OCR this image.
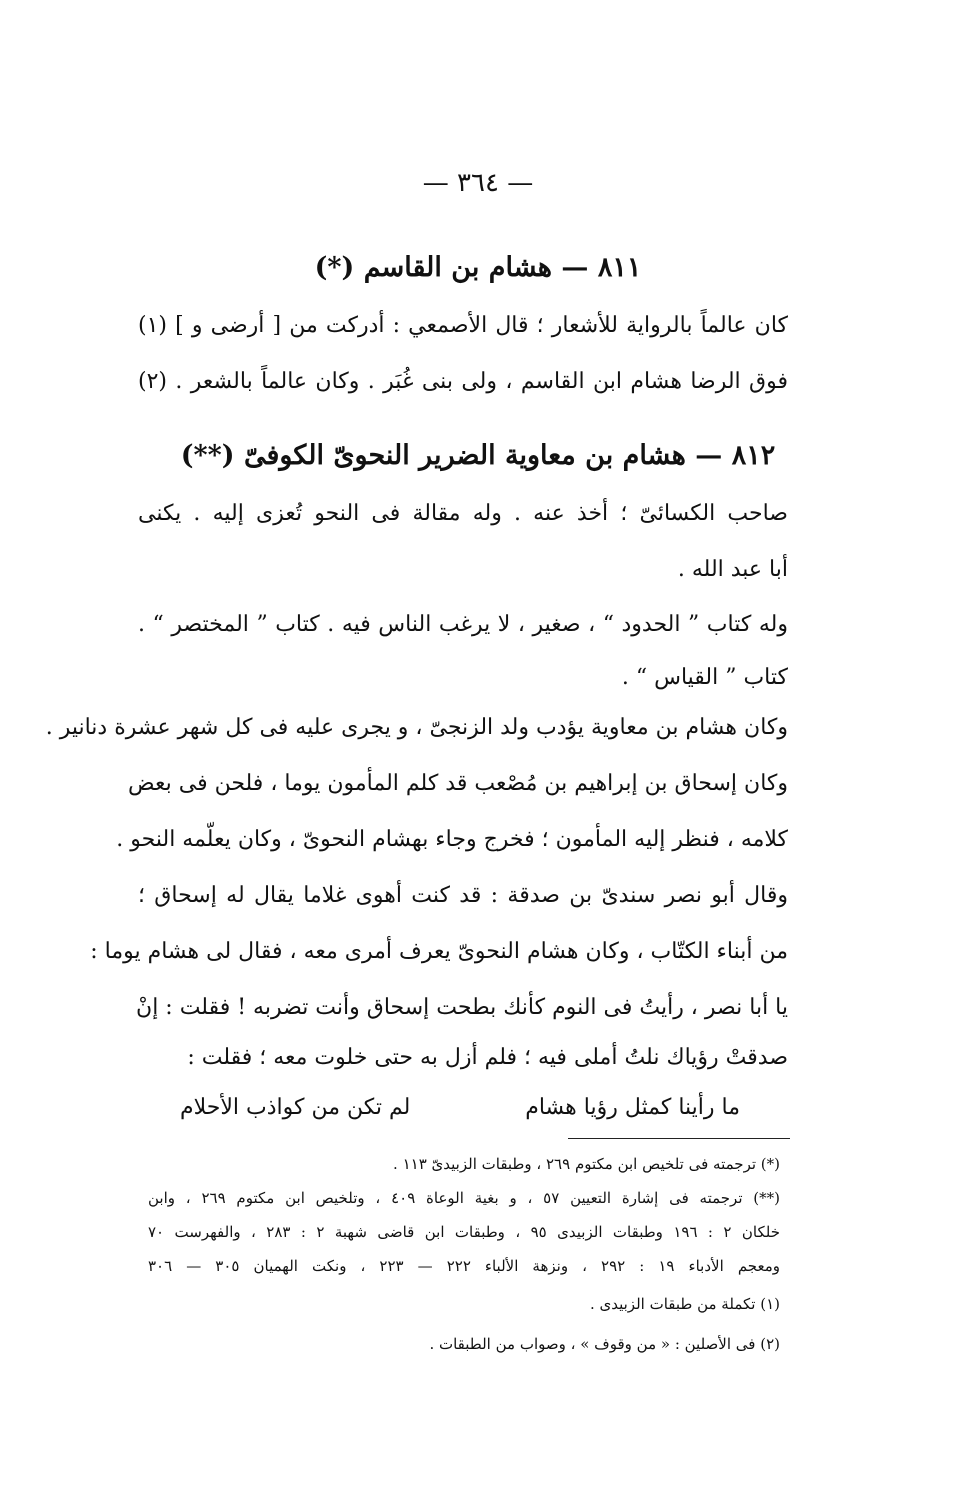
— ٣٦٤ —
٨١١ — هشام بن القاسم (*)
كان عالماً بالرواية للأشعار ؛ قال الأصمعي : أدركت من [ أرضى و ] (١)
فوق الرضا هشام ابن القاسم ، ولى بنى غُبَر . وكان عالماً بالشعر . (٢)
٨١٢ — هشام بن معاوية الضرير النحوىّ الكوفىّ (**)
صاحب الكسائىّ ؛ أخذ عنه . وله مقالة فى النحو تُعزى إليه . يكنى
أبا عبد الله .
وله كتاب ” الحدود “ ، صغير ، لا يرغب الناس فيه . كتاب ” المختصر “ .
كتاب ” القياس “ .
وكان هشام بن معاوية يؤدب ولد الزنجىّ ، و يجرى عليه فى كل شهر عشرة دنانير .
وكان إسحاق بن إبراهيم بن مُصْعب قد كلم المأمون يوما ، فلحن فى بعض
كلامه ، فنظر إليه المأمون ؛ فخرج وجاء بهشام النحوىّ ، وكان يعلّمه النحو .
وقال أبو نصر سندىّ بن صدقة : قد كنت أهوى غلاما يقال له إسحاق ؛
من أبناء الكتّاب ، وكان هشام النحوىّ يعرف أمرى معه ، فقال لى هشام يوما :
يا أبا نصر ، رأيتُ فى النوم كأنك بطحت إسحاق وأنت تضربه ! فقلت : إنْ
صدقتْ رؤياك نلتُ أملى فيه ؛ فلم أزل به حتى خلوت معه ؛ فقلت :
ما رأينا كمثل رؤيا هشام
لم تكن من كواذب الأحلام
(*) ترجمته فى تلخيص ابن مكتوم ٢٦٩ ، وطبقات الزبيدىّ ١١٣ .
(**) ترجمته فى إشارة التعيين ٥٧ ، و بغية الوعاة ٤٠٩ ، وتلخيص ابن مكتوم ٢٦٩ ، وابن
خلكان ٢ : ١٩٦ وطبقات الزبيدى ٩٥ ، وطبقات ابن قاضى شهبة ٢ : ٢٨٣ ، والفهرست ٧٠
ومعجم الأدباء ١٩ : ٢٩٢ ، ونزهة الألباء ٢٢٢ — ٢٢٣ ، ونكت الهميان ٣٠٥ — ٣٠٦
(١) تكملة من طبقات الزبيدى .
(٢) فى الأصلين : « من وقوف » ، وصواب من الطبقات .
